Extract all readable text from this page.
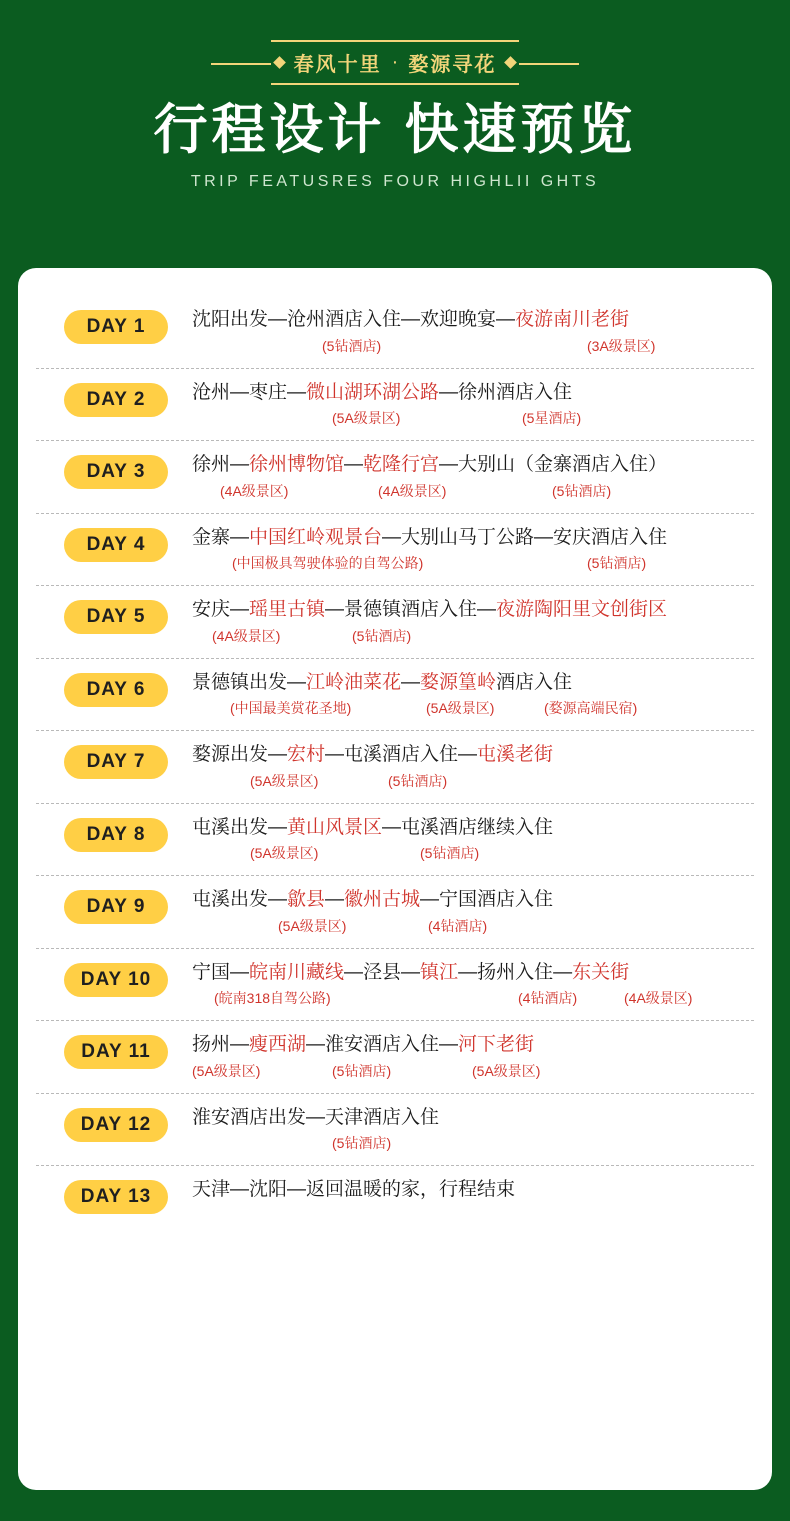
春风十里 · 婺源寻花
行程设计 快速预览
TRIP FEATUSRES FOUR HIGHLII GHTS
DAY 1	沈阳出发—沧州酒店入住—欢迎晚宴—夜游南川老街
(5钻酒店)	(3A级景区)
DAY 2	沧州—枣庄—微山湖环湖公路—徐州酒店入住
(5A级景区)	(5星酒店)
DAY 3	徐州—徐州博物馆—乾隆行宫—大别山（金寨酒店入住）
(4A级景区)	(4A级景区)	(5钻酒店)
DAY 4	金寨—中国红岭观景台—大别山马丁公路—安庆酒店入住
(中国极具驾驶体验的自驾公路)	(5钻酒店)
DAY 5	安庆—瑶里古镇—景德镇酒店入住—夜游陶阳里文创街区
(4A级景区)	(5钻酒店)
DAY 6	景德镇出发—江岭油菜花—婺源篁岭酒店入住
(中国最美赏花圣地)	(5A级景区)	(婺源高端民宿)
DAY 7	婺源出发—宏村—屯溪酒店入住—屯溪老街
(5A级景区)	(5钻酒店)
DAY 8	屯溪出发—黄山风景区—屯溪酒店继续入住
(5A级景区)	(5钻酒店)
DAY 9	屯溪出发—歙县—徽州古城—宁国酒店入住
(5A级景区)	(4钻酒店)
DAY 10	宁国—皖南川藏线—泾县—镇江—扬州入住—东关街
(皖南318自驾公路)	(4钻酒店)	(4A级景区)
DAY 11	扬州—瘦西湖—淮安酒店入住—河下老街
(5A级景区)	(5钻酒店)	(5A级景区)
DAY 12	淮安酒店出发—天津酒店入住
(5钻酒店)
DAY 13	天津—沈阳—返回温暖的家，行程结束
